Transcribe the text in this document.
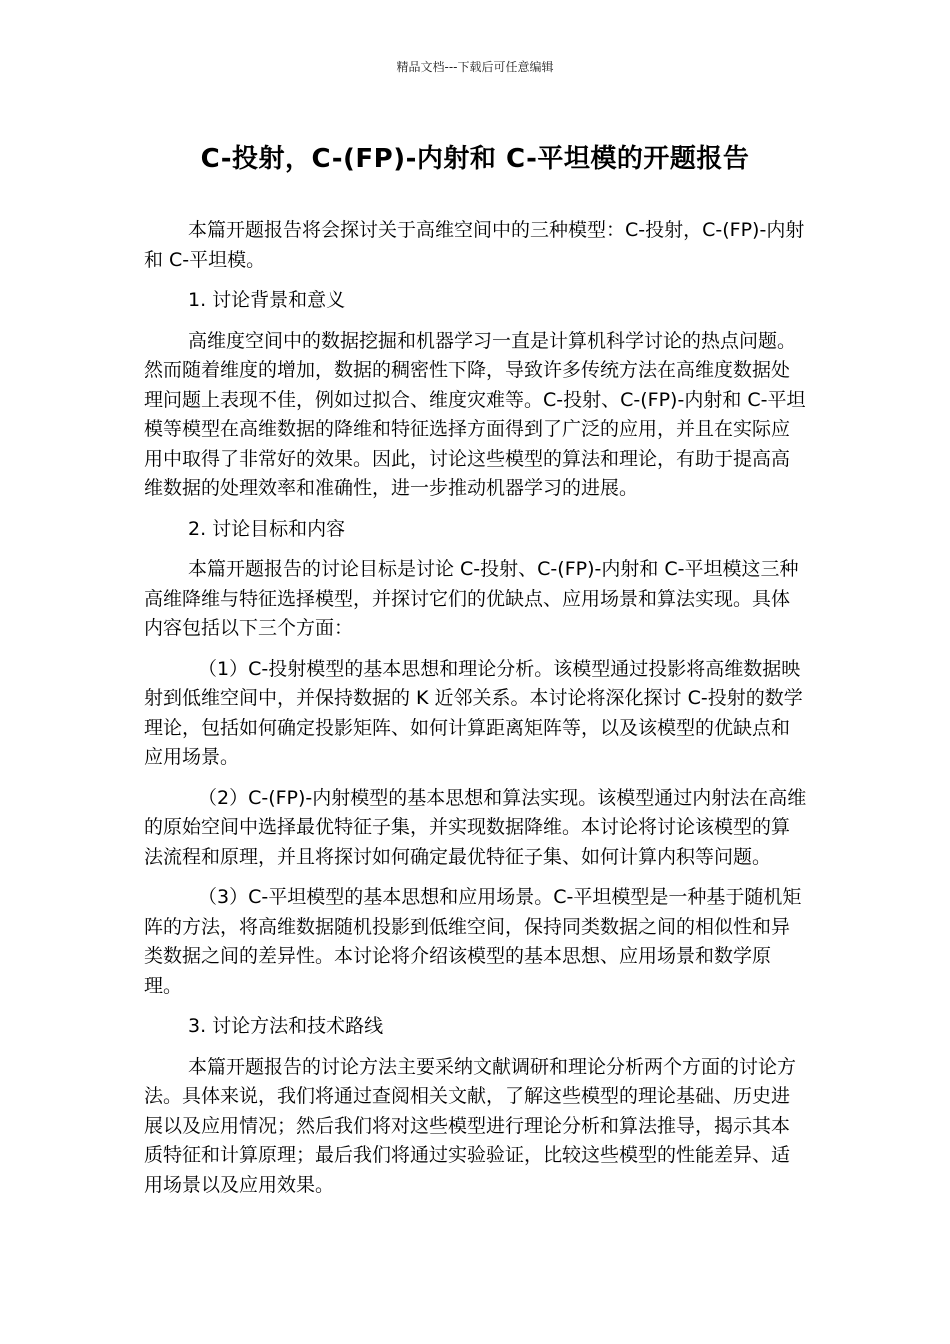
精品文档---下载后可任意编辑
C-投射，C-(FP)-内射和 C-平坦模的开题报告

本篇开题报告将会探讨关于高维空间中的三种模型：C-投射，C-(FP)-内射和 C-平坦模。

1. 讨论背景和意义

高维度空间中的数据挖掘和机器学习一直是计算机科学讨论的热点问题。然而随着维度的增加，数据的稠密性下降，导致许多传统方法在高维度数据处理问题上表现不佳，例如过拟合、维度灾难等。C-投射、C-(FP)-内射和 C-平坦模等模型在高维数据的降维和特征选择方面得到了广泛的应用，并且在实际应用中取得了非常好的效果。因此，讨论这些模型的算法和理论，有助于提高高维数据的处理效率和准确性，进一步推动机器学习的进展。

2. 讨论目标和内容

本篇开题报告的讨论目标是讨论 C-投射、C-(FP)-内射和 C-平坦模这三种高维降维与特征选择模型，并探讨它们的优缺点、应用场景和算法实现。具体内容包括以下三个方面：

（1）C-投射模型的基本思想和理论分析。该模型通过投影将高维数据映射到低维空间中，并保持数据的 K 近邻关系。本讨论将深化探讨 C-投射的数学理论，包括如何确定投影矩阵、如何计算距离矩阵等，以及该模型的优缺点和应用场景。

（2）C-(FP)-内射模型的基本思想和算法实现。该模型通过内射法在高维的原始空间中选择最优特征子集，并实现数据降维。本讨论将讨论该模型的算法流程和原理，并且将探讨如何确定最优特征子集、如何计算内积等问题。

（3）C-平坦模型的基本思想和应用场景。C-平坦模型是一种基于随机矩阵的方法，将高维数据随机投影到低维空间，保持同类数据之间的相似性和异类数据之间的差异性。本讨论将介绍该模型的基本思想、应用场景和数学原理。

3. 讨论方法和技术路线

本篇开题报告的讨论方法主要采纳文献调研和理论分析两个方面的讨论方法。具体来说，我们将通过查阅相关文献，了解这些模型的理论基础、历史进展以及应用情况；然后我们将对这些模型进行理论分析和算法推导，揭示其本质特征和计算原理；最后我们将通过实验验证，比较这些模型的性能差异、适用场景以及应用效果。
